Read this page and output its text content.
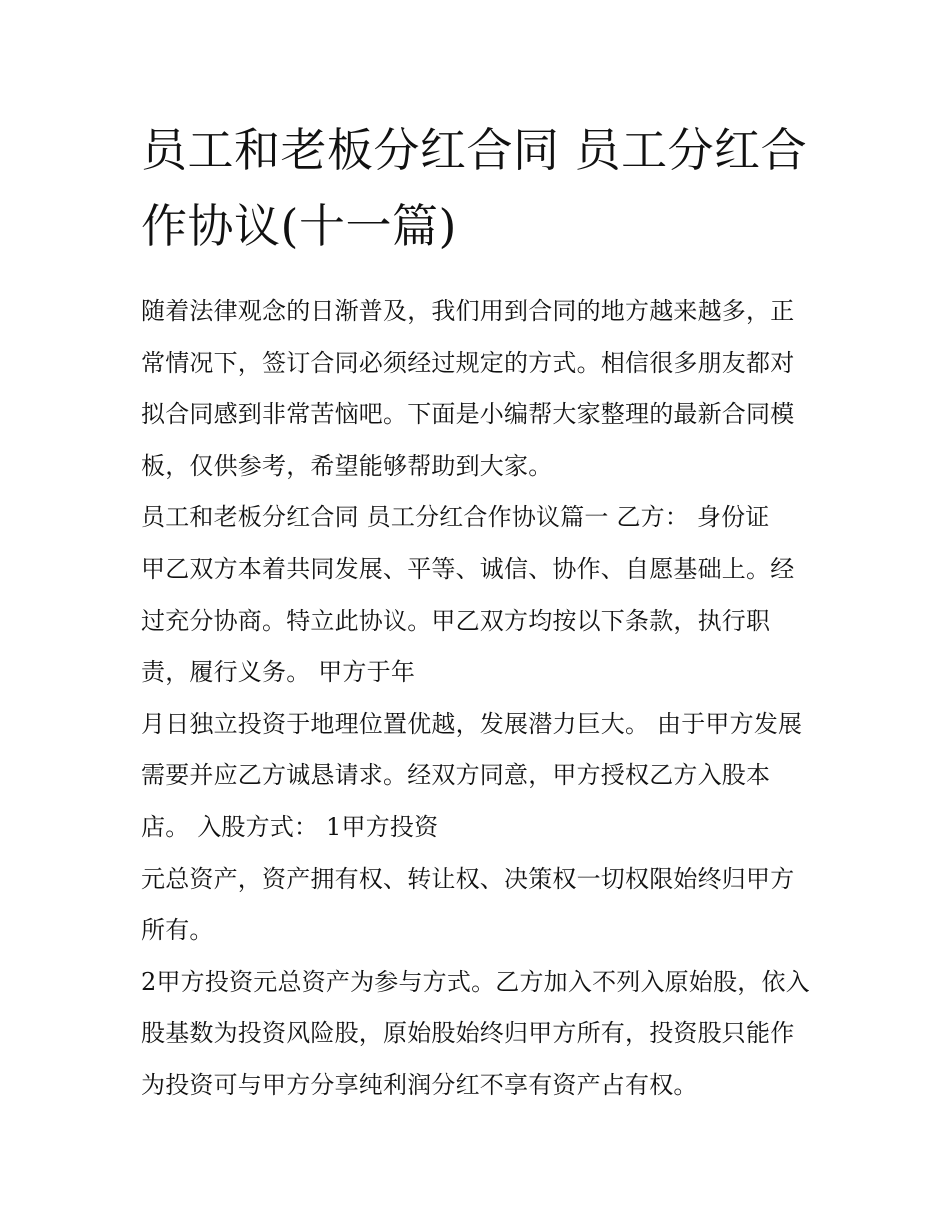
员工和老板分红合同 员工分红合作协议(十一篇)

随着法律观念的日渐普及，我们用到合同的地方越来越多，正常情况下，签订合同必须经过规定的方式。相信很多朋友都对拟合同感到非常苦恼吧。下面是小编帮大家整理的最新合同模板，仅供参考，希望能够帮助到大家。

员工和老板分红合同 员工分红合作协议篇一 乙方： 身份证

甲乙双方本着共同发展、平等、诚信、协作、自愿基础上。经过充分协商。特立此协议。甲乙双方均按以下条款，执行职责，履行义务。 甲方于年

月日独立投资于地理位置优越，发展潜力巨大。 由于甲方发展需要并应乙方诚恳请求。经双方同意，甲方授权乙方入股本店。 入股方式： 1甲方投资

元总资产，资产拥有权、转让权、决策权一切权限始终归甲方所有。

2甲方投资元总资产为参与方式。乙方加入不列入原始股，依入股基数为投资风险股，原始股始终归甲方所有，投资股只能作为投资可与甲方分享纯利润分红不享有资产占有权。
